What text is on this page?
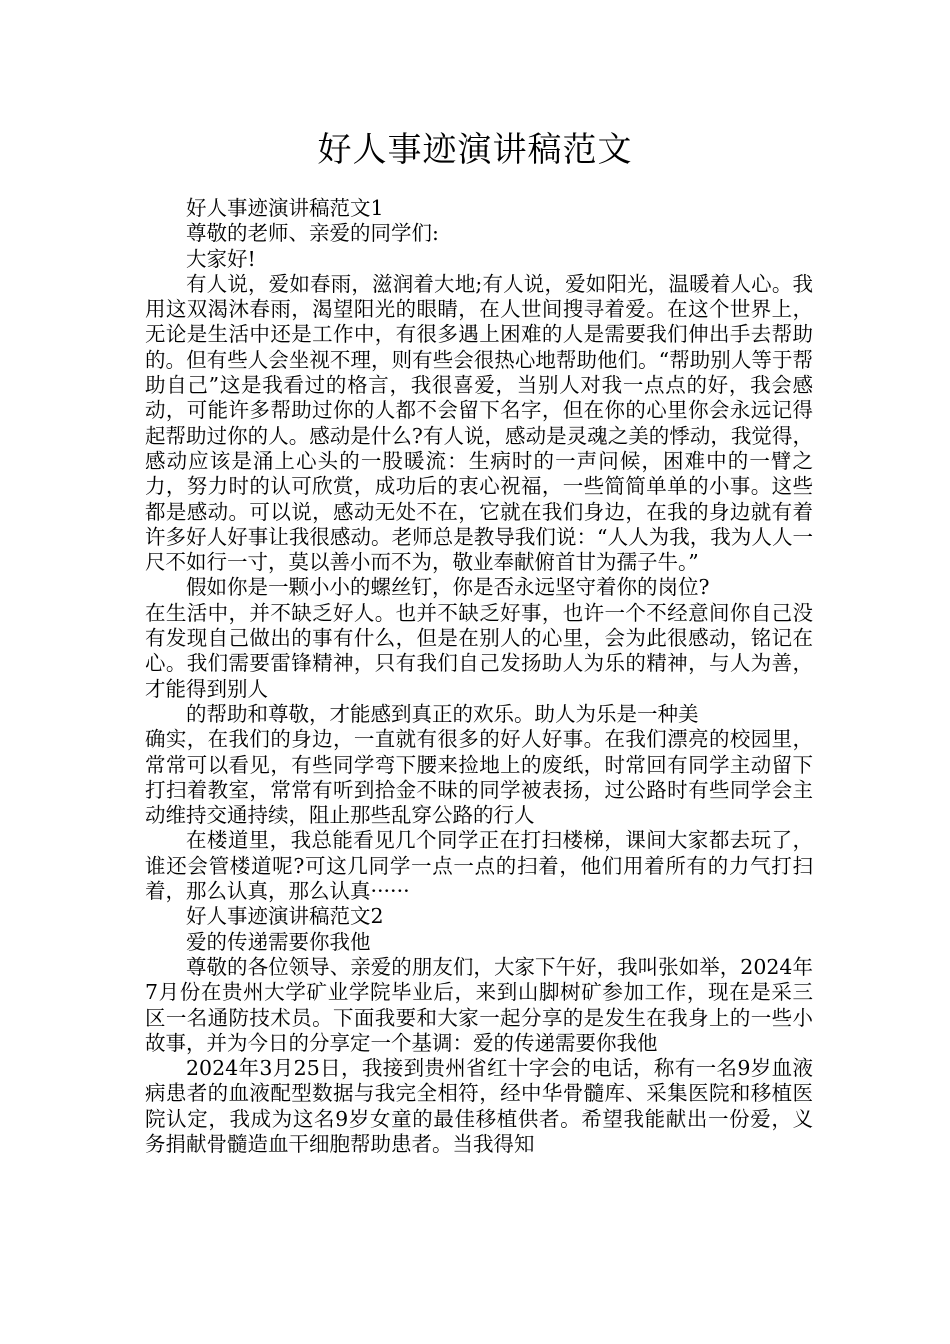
好人事迹演讲稿范文

好人事迹演讲稿范文1

尊敬的老师、亲爱的同学们:

大家好!

有人说，爱如春雨，滋润着大地;有人说，爱如阳光，温暖着人心。我用这双渴沐春雨，渴望阳光的眼睛，在人世间搜寻着爱。在这个世界上，无论是生活中还是工作中，有很多遇上困难的人是需要我们伸出手去帮助的。但有些人会坐视不理，则有些会很热心地帮助他们。“帮助别人等于帮助自己”这是我看过的格言，我很喜爱，当别人对我一点点的好，我会感动，可能许多帮助过你的人都不会留下名字，但在你的心里你会永远记得起帮助过你的人。感动是什么?有人说，感动是灵魂之美的悸动，我觉得，感动应该是涌上心头的一股暖流：生病时的一声问候，困难中的一臂之力，努力时的认可欣赏，成功后的衷心祝福，一些简简单单的小事。这些都是感动。可以说，感动无处不在，它就在我们身边，在我的身边就有着许多好人好事让我很感动。老师总是教导我们说：“人人为我，我为人人一尺不如行一寸，莫以善小而不为，敬业奉献俯首甘为孺子牛。”

假如你是一颗小小的螺丝钉，你是否永远坚守着你的岗位?

在生活中，并不缺乏好人。也并不缺乏好事，也许一个不经意间你自己没有发现自己做出的事有什么，但是在别人的心里，会为此很感动，铭记在心。我们需要雷锋精神，只有我们自己发扬助人为乐的精神，与人为善，才能得到别人

的帮助和尊敬，才能感到真正的欢乐。助人为乐是一种美

确实，在我们的身边，一直就有很多的好人好事。在我们漂亮的校园里，常常可以看见，有些同学弯下腰来捡地上的废纸，时常回有同学主动留下打扫着教室，常常有听到拾金不昧的同学被表扬，过公路时有些同学会主动维持交通持续，阻止那些乱穿公路的行人

在楼道里，我总能看见几个同学正在打扫楼梯，课间大家都去玩了，谁还会管楼道呢?可这几同学一点一点的扫着，他们用着所有的力气打扫着，那么认真，那么认真······

好人事迹演讲稿范文2

爱的传递需要你我他

尊敬的各位领导、亲爱的朋友们，大家下午好，我叫张如举，2024年7月份在贵州大学矿业学院毕业后，来到山脚树矿参加工作，现在是采三区一名通防技术员。下面我要和大家一起分享的是发生在我身上的一些小故事，并为今日的分享定一个基调：爱的传递需要你我他

2024年3月25日，我接到贵州省红十字会的电话，称有一名9岁血液病患者的血液配型数据与我完全相符，经中华骨髓库、采集医院和移植医院认定，我成为这名9岁女童的最佳移植供者。希望我能献出一份爱，义务捐献骨髓造血干细胞帮助患者。当我得知
